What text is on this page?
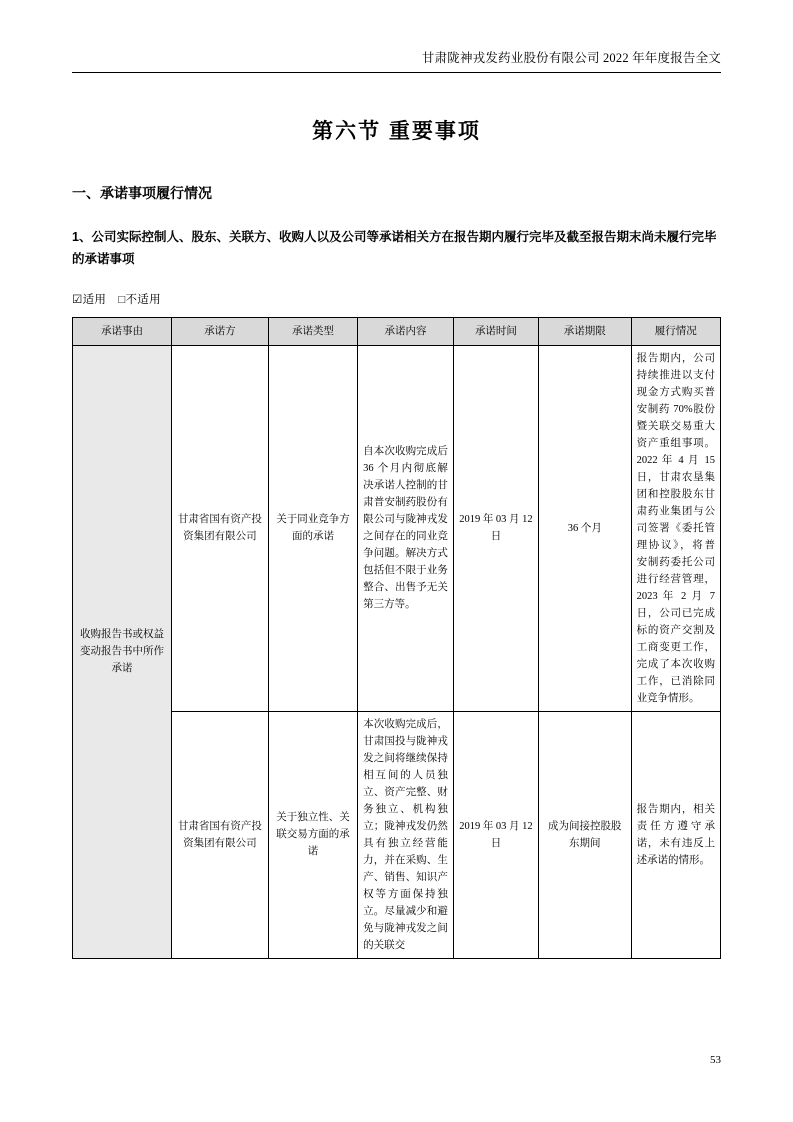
甘肃陇神戎发药业股份有限公司 2022 年年度报告全文
第六节 重要事项
一、承诺事项履行情况
1、公司实际控制人、股东、关联方、收购人以及公司等承诺相关方在报告期内履行完毕及截至报告期末尚未履行完毕的承诺事项
☑适用 □不适用
承诺事由	承诺方	承诺类型	承诺内容	承诺时间	承诺期限	履行情况
收购报告书或权益变动报告书中所作承诺	甘肃省国有资产投资集团有限公司	关于同业竞争方面的承诺	自本次收购完成后 36 个月内彻底解决承诺人控制的甘肃普安制药股份有限公司与陇神戎发之间存在的同业竞争问题。解决方式包括但不限于业务整合、出售予无关第三方等。	2019 年 03 月 12 日	36 个月	报告期内，公司持续推进以支付现金方式购买普安制药 70%股份暨关联交易重大资产重组事项。2022 年 4 月 15 日，甘肃农垦集团和控股股东甘肃药业集团与公司签署《委托管理协议》，将普安制药委托公司进行经营管理，2023 年 2 月 7 日，公司已完成标的资产交割及工商变更工作，完成了本次收购工作，已消除同业竞争情形。
	甘肃省国有资产投资集团有限公司	关于独立性、关联交易方面的承诺	本次收购完成后，甘肃国投与陇神戎发之间将继续保持相互间的人员独立、资产完整、财务独立、机构独立；陇神戎发仍然具有独立经营能力，并在采购、生产、销售、知识产权等方面保持独立。尽量减少和避免与陇神戎发之间的关联交	2019 年 03 月 12 日	成为间接控股股东期间	报告期内，相关责任方遵守承诺，未有违反上述承诺的情形。
53
